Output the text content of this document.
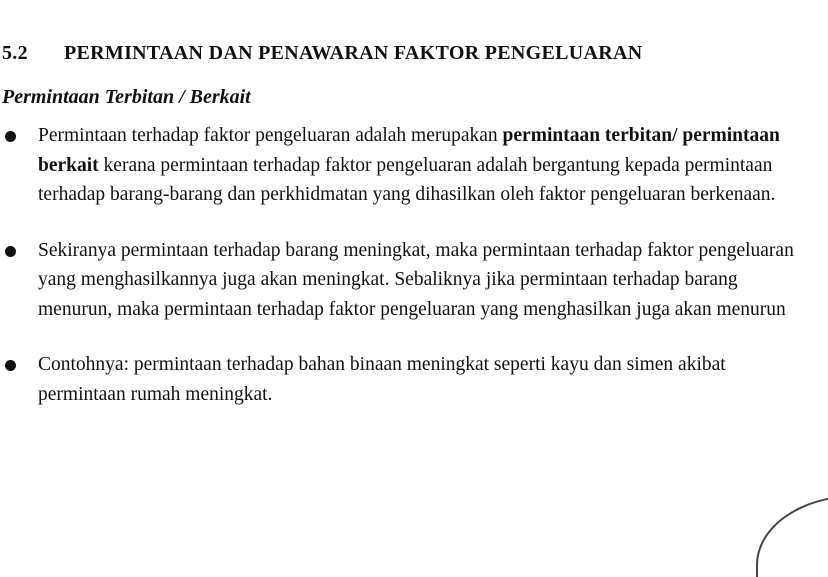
5.2 PERMINTAAN DAN PENAWARAN FAKTOR PENGELUARAN
Permintaan Terbitan / Berkait
Permintaan terhadap faktor pengeluaran adalah merupakan permintaan terbitan/ permintaan berkait kerana permintaan terhadap faktor pengeluaran adalah bergantung kepada permintaan terhadap barang-barang dan perkhidmatan yang dihasilkan oleh faktor pengeluaran berkenaan.
Sekiranya permintaan terhadap barang meningkat, maka permintaan terhadap faktor pengeluaran yang menghasilkannya juga akan meningkat. Sebaliknya jika permintaan terhadap barang menurun, maka permintaan terhadap faktor pengeluaran yang menghasilkan juga akan menurun
Contohnya: permintaan terhadap bahan binaan meningkat seperti kayu dan simen akibat permintaan rumah meningkat.
